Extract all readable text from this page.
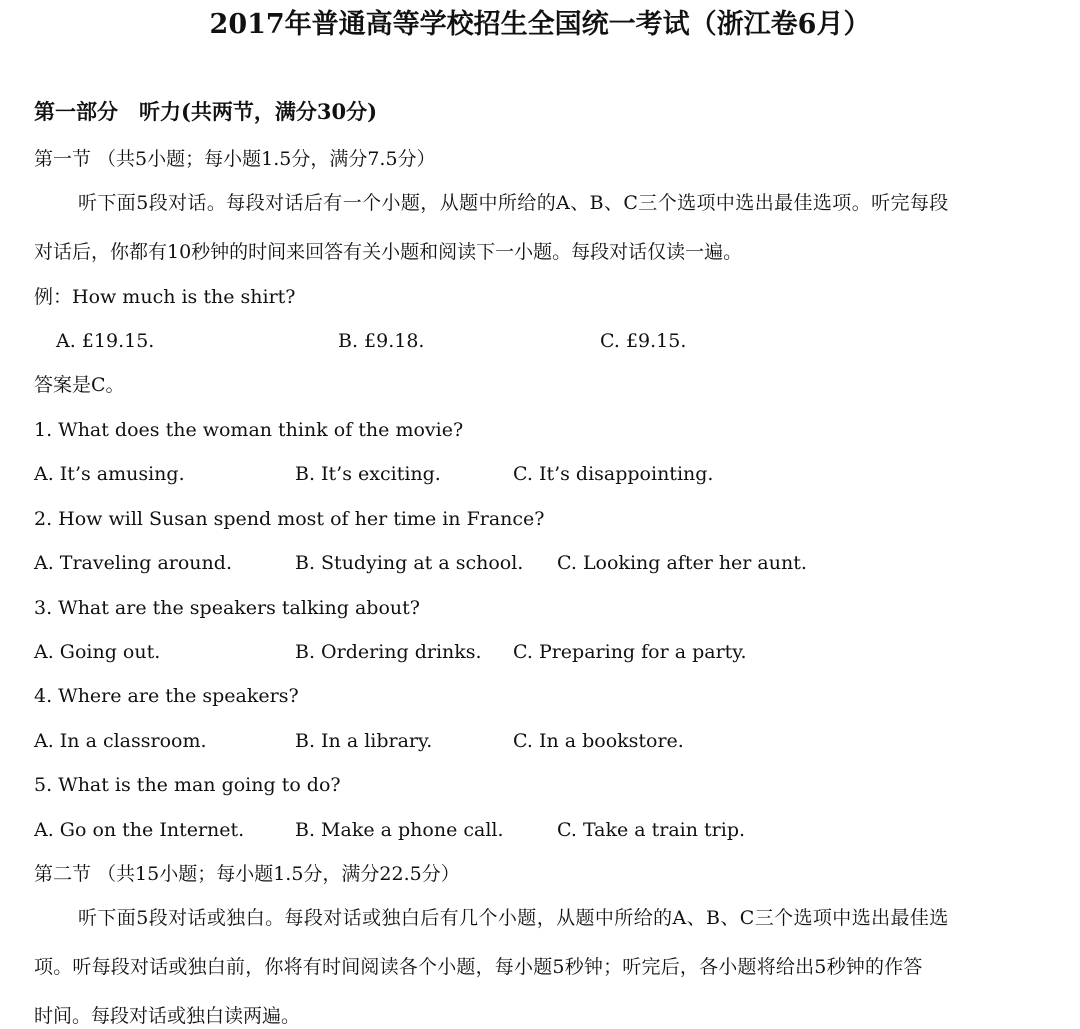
2017年普通高等学校招生全国统一考试（浙江卷6月）
第一部分　听力(共两节，满分30分)
第一节 （共5小题；每小题1.5分，满分7.5分）
听下面5段对话。每段对话后有一个小题，从题中所给的A、B、C三个选项中选出最佳选项。听完每段
对话后，你都有10秒钟的时间来回答有关小题和阅读下一小题。每段对话仅读一遍。
例：How much is the shirt?
A. £19.15.	B. £9.18.	C. £9.15.
答案是C。
1. What does the woman think of the movie?
A. It’s amusing.	B. It’s exciting.	C. It’s disappointing.
2. How will Susan spend most of her time in France?
A. Traveling around.	B. Studying at a school. C. Looking after her aunt.
3. What are the speakers talking about?
A. Going out.	B. Ordering drinks. C. Preparing for a party.
4. Where are the speakers?
A. In a classroom.	B. In a library.	C. In a bookstore.
5. What is the man going to do?
A. Go on the Internet.	B. Make a phone call.	C. Take a train trip.
第二节 （共15小题；每小题1.5分，满分22.5分）
听下面5段对话或独白。每段对话或独白后有几个小题，从题中所给的A、B、C三个选项中选出最佳选
项。听每段对话或独白前，你将有时间阅读各个小题，每小题5秒钟；听完后，各小题将给出5秒钟的作答
时间。每段对话或独白读两遍。
